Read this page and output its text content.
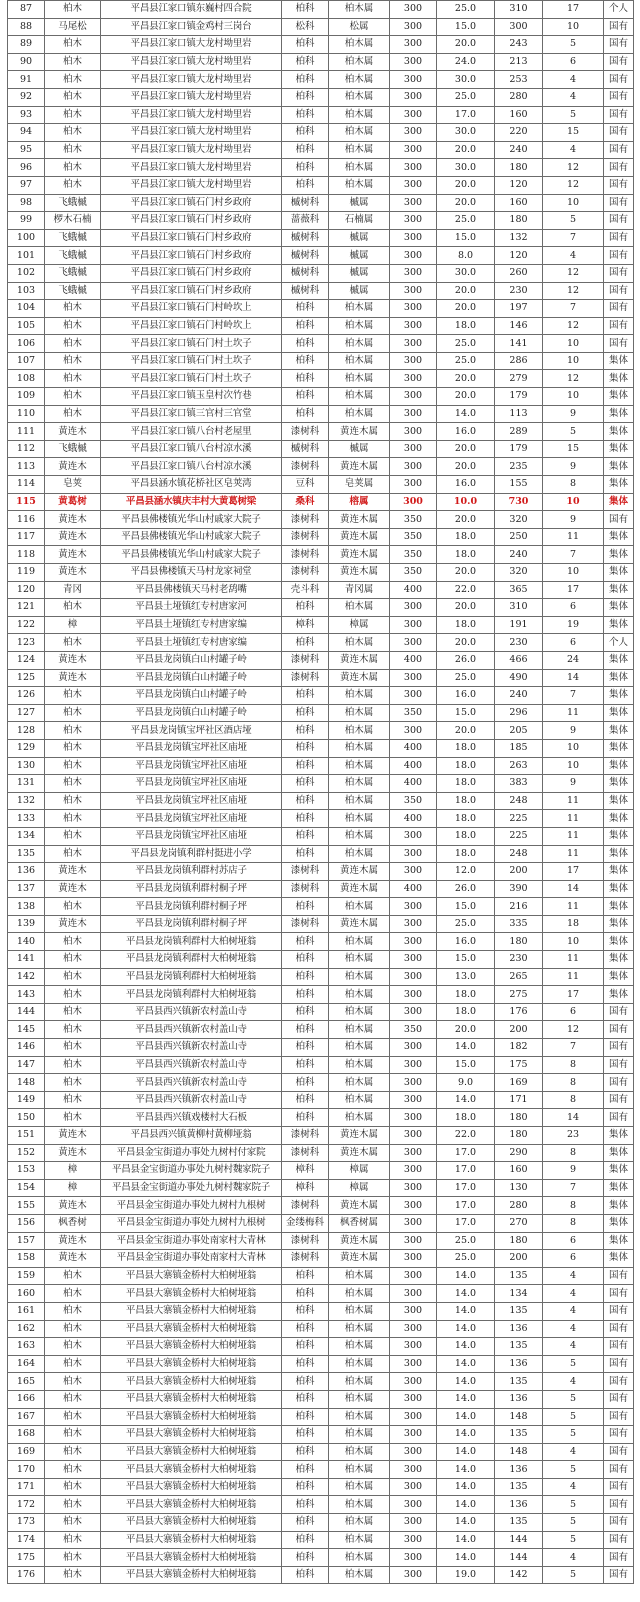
87	柏木	平昌县江家口镇东巍村四合院	柏科	柏木属	300	25.0	310	17	个人
88	马尾松	平昌县江家口镇金鸡村三岗台	松科	松属	300	15.0	300	10	国有
89	柏木	平昌县江家口镇大龙村坳里岩	柏科	柏木属	300	20.0	243	5	国有
90	柏木	平昌县江家口镇大龙村坳里岩	柏科	柏木属	300	24.0	213	6	国有
91	柏木	平昌县江家口镇大龙村坳里岩	柏科	柏木属	300	30.0	253	4	国有
92	柏木	平昌县江家口镇大龙村坳里岩	柏科	柏木属	300	25.0	280	4	国有
93	柏木	平昌县江家口镇大龙村坳里岩	柏科	柏木属	300	17.0	160	5	国有
94	柏木	平昌县江家口镇大龙村坳里岩	柏科	柏木属	300	30.0	220	15	国有
95	柏木	平昌县江家口镇大龙村坳里岩	柏科	柏木属	300	20.0	240	4	国有
96	柏木	平昌县江家口镇大龙村坳里岩	柏科	柏木属	300	30.0	180	12	国有
97	柏木	平昌县江家口镇大龙村坳里岩	柏科	柏木属	300	20.0	120	12	国有
98	飞蛾槭	平昌县江家口镇石门村乡政府	槭树科	槭属	300	20.0	160	10	国有
99	椤木石楠	平昌县江家口镇石门村乡政府	蔷薇科	石楠属	300	25.0	180	5	国有
100	飞蛾槭	平昌县江家口镇石门村乡政府	槭树科	槭属	300	15.0	132	7	国有
101	飞蛾槭	平昌县江家口镇石门村乡政府	槭树科	槭属	300	8.0	120	4	国有
102	飞蛾槭	平昌县江家口镇石门村乡政府	槭树科	槭属	300	30.0	260	12	国有
103	飞蛾槭	平昌县江家口镇石门村乡政府	槭树科	槭属	300	20.0	230	12	国有
104	柏木	平昌县江家口镇石门村岭坎上	柏科	柏木属	300	20.0	197	7	国有
105	柏木	平昌县江家口镇石门村岭坎上	柏科	柏木属	300	18.0	146	12	国有
106	柏木	平昌县江家口镇石门村土坎子	柏科	柏木属	300	25.0	141	10	国有
107	柏木	平昌县江家口镇石门村土坎子	柏科	柏木属	300	25.0	286	10	集体
108	柏木	平昌县江家口镇石门村土坎子	柏科	柏木属	300	20.0	279	12	集体
109	柏木	平昌县江家口镇玉皇村次竹巷	柏科	柏木属	300	20.0	179	10	集体
110	柏木	平昌县江家口镇三官村三官堂	柏科	柏木属	300	14.0	113	9	集体
111	黄连木	平昌县江家口镇八台村老屋里	漆树科	黄连木属	300	16.0	289	5	集体
112	飞蛾槭	平昌县江家口镇八台村凉水溪	槭树科	槭属	300	20.0	179	15	集体
113	黄连木	平昌县江家口镇八台村凉水溪	漆树科	黄连木属	300	20.0	235	9	集体
114	皂荚	平昌县涵水镇花桥社区皂荚湾	豆科	皂荚属	300	16.0	155	8	集体
115	黄葛树	平昌县涵水镇庆丰村大黄葛树梁	桑科	榕属	300	10.0	730	10	集体
116	黄连木	平昌县佛楼镇光华山村戚家大院子	漆树科	黄连木属	350	20.0	320	9	国有
117	黄连木	平昌县佛楼镇光华山村戚家大院子	漆树科	黄连木属	350	18.0	250	11	集体
118	黄连木	平昌县佛楼镇光华山村戚家大院子	漆树科	黄连木属	350	18.0	240	7	集体
119	黄连木	平昌县佛楼镇天马村龙家祠堂	漆树科	黄连木属	350	20.0	320	10	集体
120	青冈	平昌县佛楼镇天马村老鸹嘴	壳斗科	青冈属	400	22.0	365	17	集体
121	柏木	平昌县土垭镇红专村唐家河	柏科	柏木属	300	20.0	310	6	集体
122	樟	平昌县土垭镇红专村唐家编	樟科	樟属	300	18.0	191	19	集体
123	柏木	平昌县土垭镇红专村唐家编	柏科	柏木属	300	20.0	230	6	个人
124	黄连木	平昌县龙岗镇白山村罐子岭	漆树科	黄连木属	400	26.0	466	24	集体
125	黄连木	平昌县龙岗镇白山村罐子岭	漆树科	黄连木属	300	25.0	490	14	集体
126	柏木	平昌县龙岗镇白山村罐子岭	柏科	柏木属	300	16.0	240	7	集体
127	柏木	平昌县龙岗镇白山村罐子岭	柏科	柏木属	350	15.0	296	11	集体
128	柏木	平昌县龙岗镇宝坪社区酒店垭	柏科	柏木属	300	20.0	205	9	集体
129	柏木	平昌县龙岗镇宝坪社区庙垭	柏科	柏木属	400	18.0	185	10	集体
130	柏木	平昌县龙岗镇宝坪社区庙垭	柏科	柏木属	400	18.0	263	10	集体
131	柏木	平昌县龙岗镇宝坪社区庙垭	柏科	柏木属	400	18.0	383	9	集体
132	柏木	平昌县龙岗镇宝坪社区庙垭	柏科	柏木属	350	18.0	248	11	集体
133	柏木	平昌县龙岗镇宝坪社区庙垭	柏科	柏木属	400	18.0	225	11	集体
134	柏木	平昌县龙岗镇宝坪社区庙垭	柏科	柏木属	300	18.0	225	11	集体
135	柏木	平昌县龙岗镇利群村挺进小学	柏科	柏木属	300	18.0	248	11	集体
136	黄连木	平昌县龙岗镇利群村苏店子	漆树科	黄连木属	300	12.0	200	17	集体
137	黄连木	平昌县龙岗镇利群村桐子坪	漆树科	黄连木属	400	26.0	390	14	集体
138	柏木	平昌县龙岗镇利群村桐子坪	柏科	柏木属	300	15.0	216	11	集体
139	黄连木	平昌县龙岗镇利群村桐子坪	漆树科	黄连木属	300	25.0	335	18	集体
140	柏木	平昌县龙岗镇利群村大柏树垭翁	柏科	柏木属	300	16.0	180	10	集体
141	柏木	平昌县龙岗镇利群村大柏树垭翁	柏科	柏木属	300	15.0	230	11	集体
142	柏木	平昌县龙岗镇利群村大柏树垭翁	柏科	柏木属	300	13.0	265	11	集体
143	柏木	平昌县龙岗镇利群村大柏树垭翁	柏科	柏木属	300	18.0	275	17	集体
144	柏木	平昌县西兴镇新农村盖山寺	柏科	柏木属	300	18.0	176	6	国有
145	柏木	平昌县西兴镇新农村盖山寺	柏科	柏木属	350	20.0	200	12	国有
146	柏木	平昌县西兴镇新农村盖山寺	柏科	柏木属	300	14.0	182	7	国有
147	柏木	平昌县西兴镇新农村盖山寺	柏科	柏木属	300	15.0	175	8	国有
148	柏木	平昌县西兴镇新农村盖山寺	柏科	柏木属	300	9.0	169	8	国有
149	柏木	平昌县西兴镇新农村盖山寺	柏科	柏木属	300	14.0	171	8	国有
150	柏木	平昌县西兴镇戏楼村大石板	柏科	柏木属	300	18.0	180	14	国有
151	黄连木	平昌县西兴镇黄柳村黄柳垭翁	漆树科	黄连木属	300	22.0	180	23	集体
152	黄连木	平昌县金宝街道办事处九树村付家院	漆树科	黄连木属	300	17.0	290	8	集体
153	樟	平昌县金宝街道办事处九树村魏家院子	樟科	樟属	300	17.0	160	9	集体
154	樟	平昌县金宝街道办事处九树村魏家院子	樟科	樟属	300	17.0	130	7	集体
155	黄连木	平昌县金宝街道办事处九树村九根树	漆树科	黄连木属	300	17.0	280	8	集体
156	枫香树	平昌县金宝街道办事处九树村九根树	金缕梅科	枫香树属	300	17.0	270	8	集体
157	黄连木	平昌县金宝街道办事处南家村大青林	漆树科	黄连木属	300	25.0	180	6	集体
158	黄连木	平昌县金宝街道办事处南家村大青林	漆树科	黄连木属	300	25.0	200	6	集体
159	柏木	平昌县大寨镇金桥村大柏树垭翁	柏科	柏木属	300	14.0	135	4	国有
160	柏木	平昌县大寨镇金桥村大柏树垭翁	柏科	柏木属	300	14.0	134	4	国有
161	柏木	平昌县大寨镇金桥村大柏树垭翁	柏科	柏木属	300	14.0	135	4	国有
162	柏木	平昌县大寨镇金桥村大柏树垭翁	柏科	柏木属	300	14.0	136	4	国有
163	柏木	平昌县大寨镇金桥村大柏树垭翁	柏科	柏木属	300	14.0	135	4	国有
164	柏木	平昌县大寨镇金桥村大柏树垭翁	柏科	柏木属	300	14.0	136	5	国有
165	柏木	平昌县大寨镇金桥村大柏树垭翁	柏科	柏木属	300	14.0	135	4	国有
166	柏木	平昌县大寨镇金桥村大柏树垭翁	柏科	柏木属	300	14.0	136	5	国有
167	柏木	平昌县大寨镇金桥村大柏树垭翁	柏科	柏木属	300	14.0	148	5	国有
168	柏木	平昌县大寨镇金桥村大柏树垭翁	柏科	柏木属	300	14.0	135	5	国有
169	柏木	平昌县大寨镇金桥村大柏树垭翁	柏科	柏木属	300	14.0	148	4	国有
170	柏木	平昌县大寨镇金桥村大柏树垭翁	柏科	柏木属	300	14.0	136	5	国有
171	柏木	平昌县大寨镇金桥村大柏树垭翁	柏科	柏木属	300	14.0	135	4	国有
172	柏木	平昌县大寨镇金桥村大柏树垭翁	柏科	柏木属	300	14.0	136	5	国有
173	柏木	平昌县大寨镇金桥村大柏树垭翁	柏科	柏木属	300	14.0	135	5	国有
174	柏木	平昌县大寨镇金桥村大柏树垭翁	柏科	柏木属	300	14.0	144	5	国有
175	柏木	平昌县大寨镇金桥村大柏树垭翁	柏科	柏木属	300	14.0	144	4	国有
176	柏木	平昌县大寨镇金桥村大柏树垭翁	柏科	柏木属	300	19.0	142	5	国有
